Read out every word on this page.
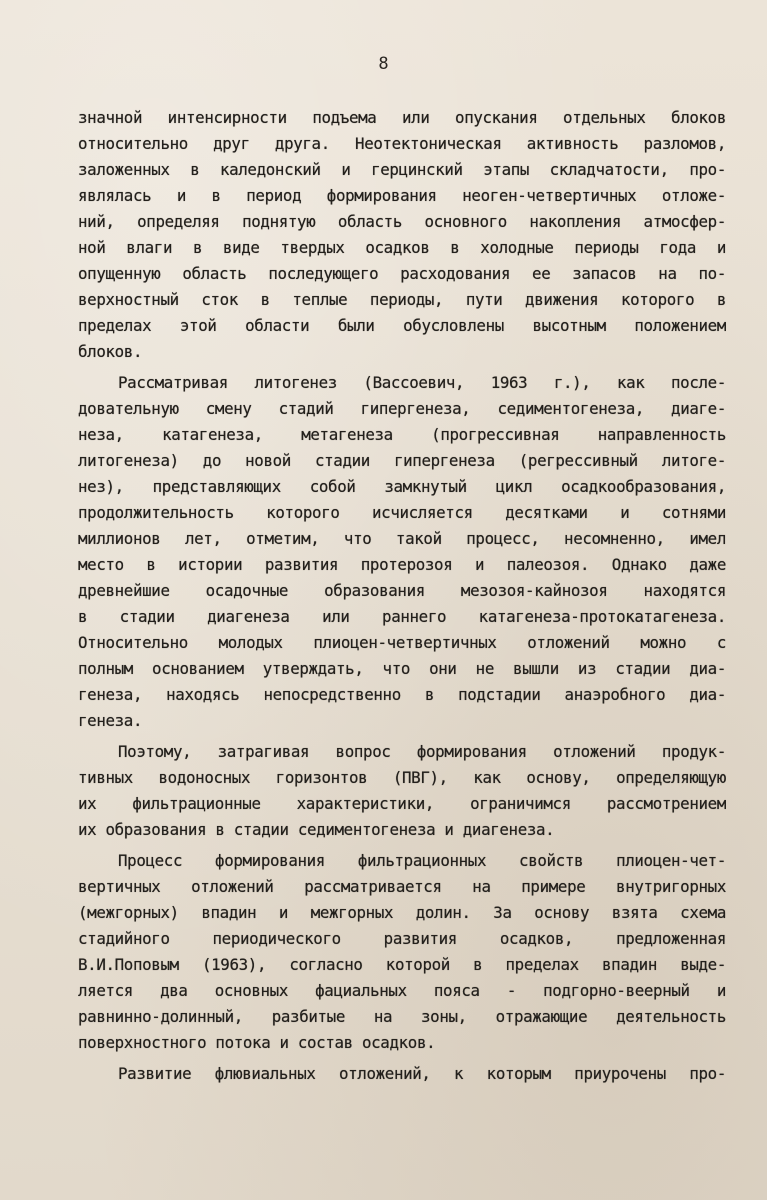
8
значной интенсирности подъема или опускания отдельных блоков
относительно друг друга. Неотектоническая активность разломов,
заложенных в каледонский и герцинский этапы складчатости, про-
являлась и в период формирования неоген-четвертичных отложе-
ний, определяя поднятую область основного накопления атмосфер-
ной влаги в виде твердых осадков в холодные периоды года и
опущенную область последующего расходования ее запасов на по-
верхностный сток в теплые периоды, пути движения которого в
пределах этой области были обусловлены высотным положением
блоков.
Рассматривая литогенез (Вассоевич, 1963 г.), как после-
довательную смену стадий гипергенеза, седиментогенеза, диаге-
неза, катагенеза, метагенеза (прогрессивная направленность
литогенеза) до новой стадии гипергенеза (регрессивный литоге-
нез), представляющих собой замкнутый цикл осадкообразования,
продолжительность которого исчисляется десятками и сотнями
миллионов лет, отметим, что такой процесс, несомненно, имел
место в истории развития протерозоя и палеозоя. Однако даже
древнейшие осадочные образования мезозоя-кайнозоя находятся
в стадии диагенеза или раннего катагенеза-протокатагенеза.
Относительно молодых плиоцен-четвертичных отложений можно с
полным основанием утверждать, что они не вышли из стадии диа-
генеза, находясь непосредственно в подстадии анаэробного диа-
генеза.
Поэтому, затрагивая вопрос формирования отложений продук-
тивных водоносных горизонтов (ПВГ), как основу, определяющую
их фильтрационные характеристики, ограничимся рассмотрением
их образования в стадии седиментогенеза и диагенеза.
Процесс формирования фильтрационных свойств плиоцен-чет-
вертичных отложений рассматривается на примере внутригорных
(межгорных) впадин и межгорных долин. За основу взята схема
стадийного периодического развития осадков, предложенная
В.И.Поповым (1963), согласно которой в пределах впадин выде-
ляется два основных фациальных пояса - подгорно-веерный и
равнинно-долинный, разбитые на зоны, отражающие деятельность
поверхностного потока и состав осадков.
Развитие флювиальных отложений, к которым приурочены про-
